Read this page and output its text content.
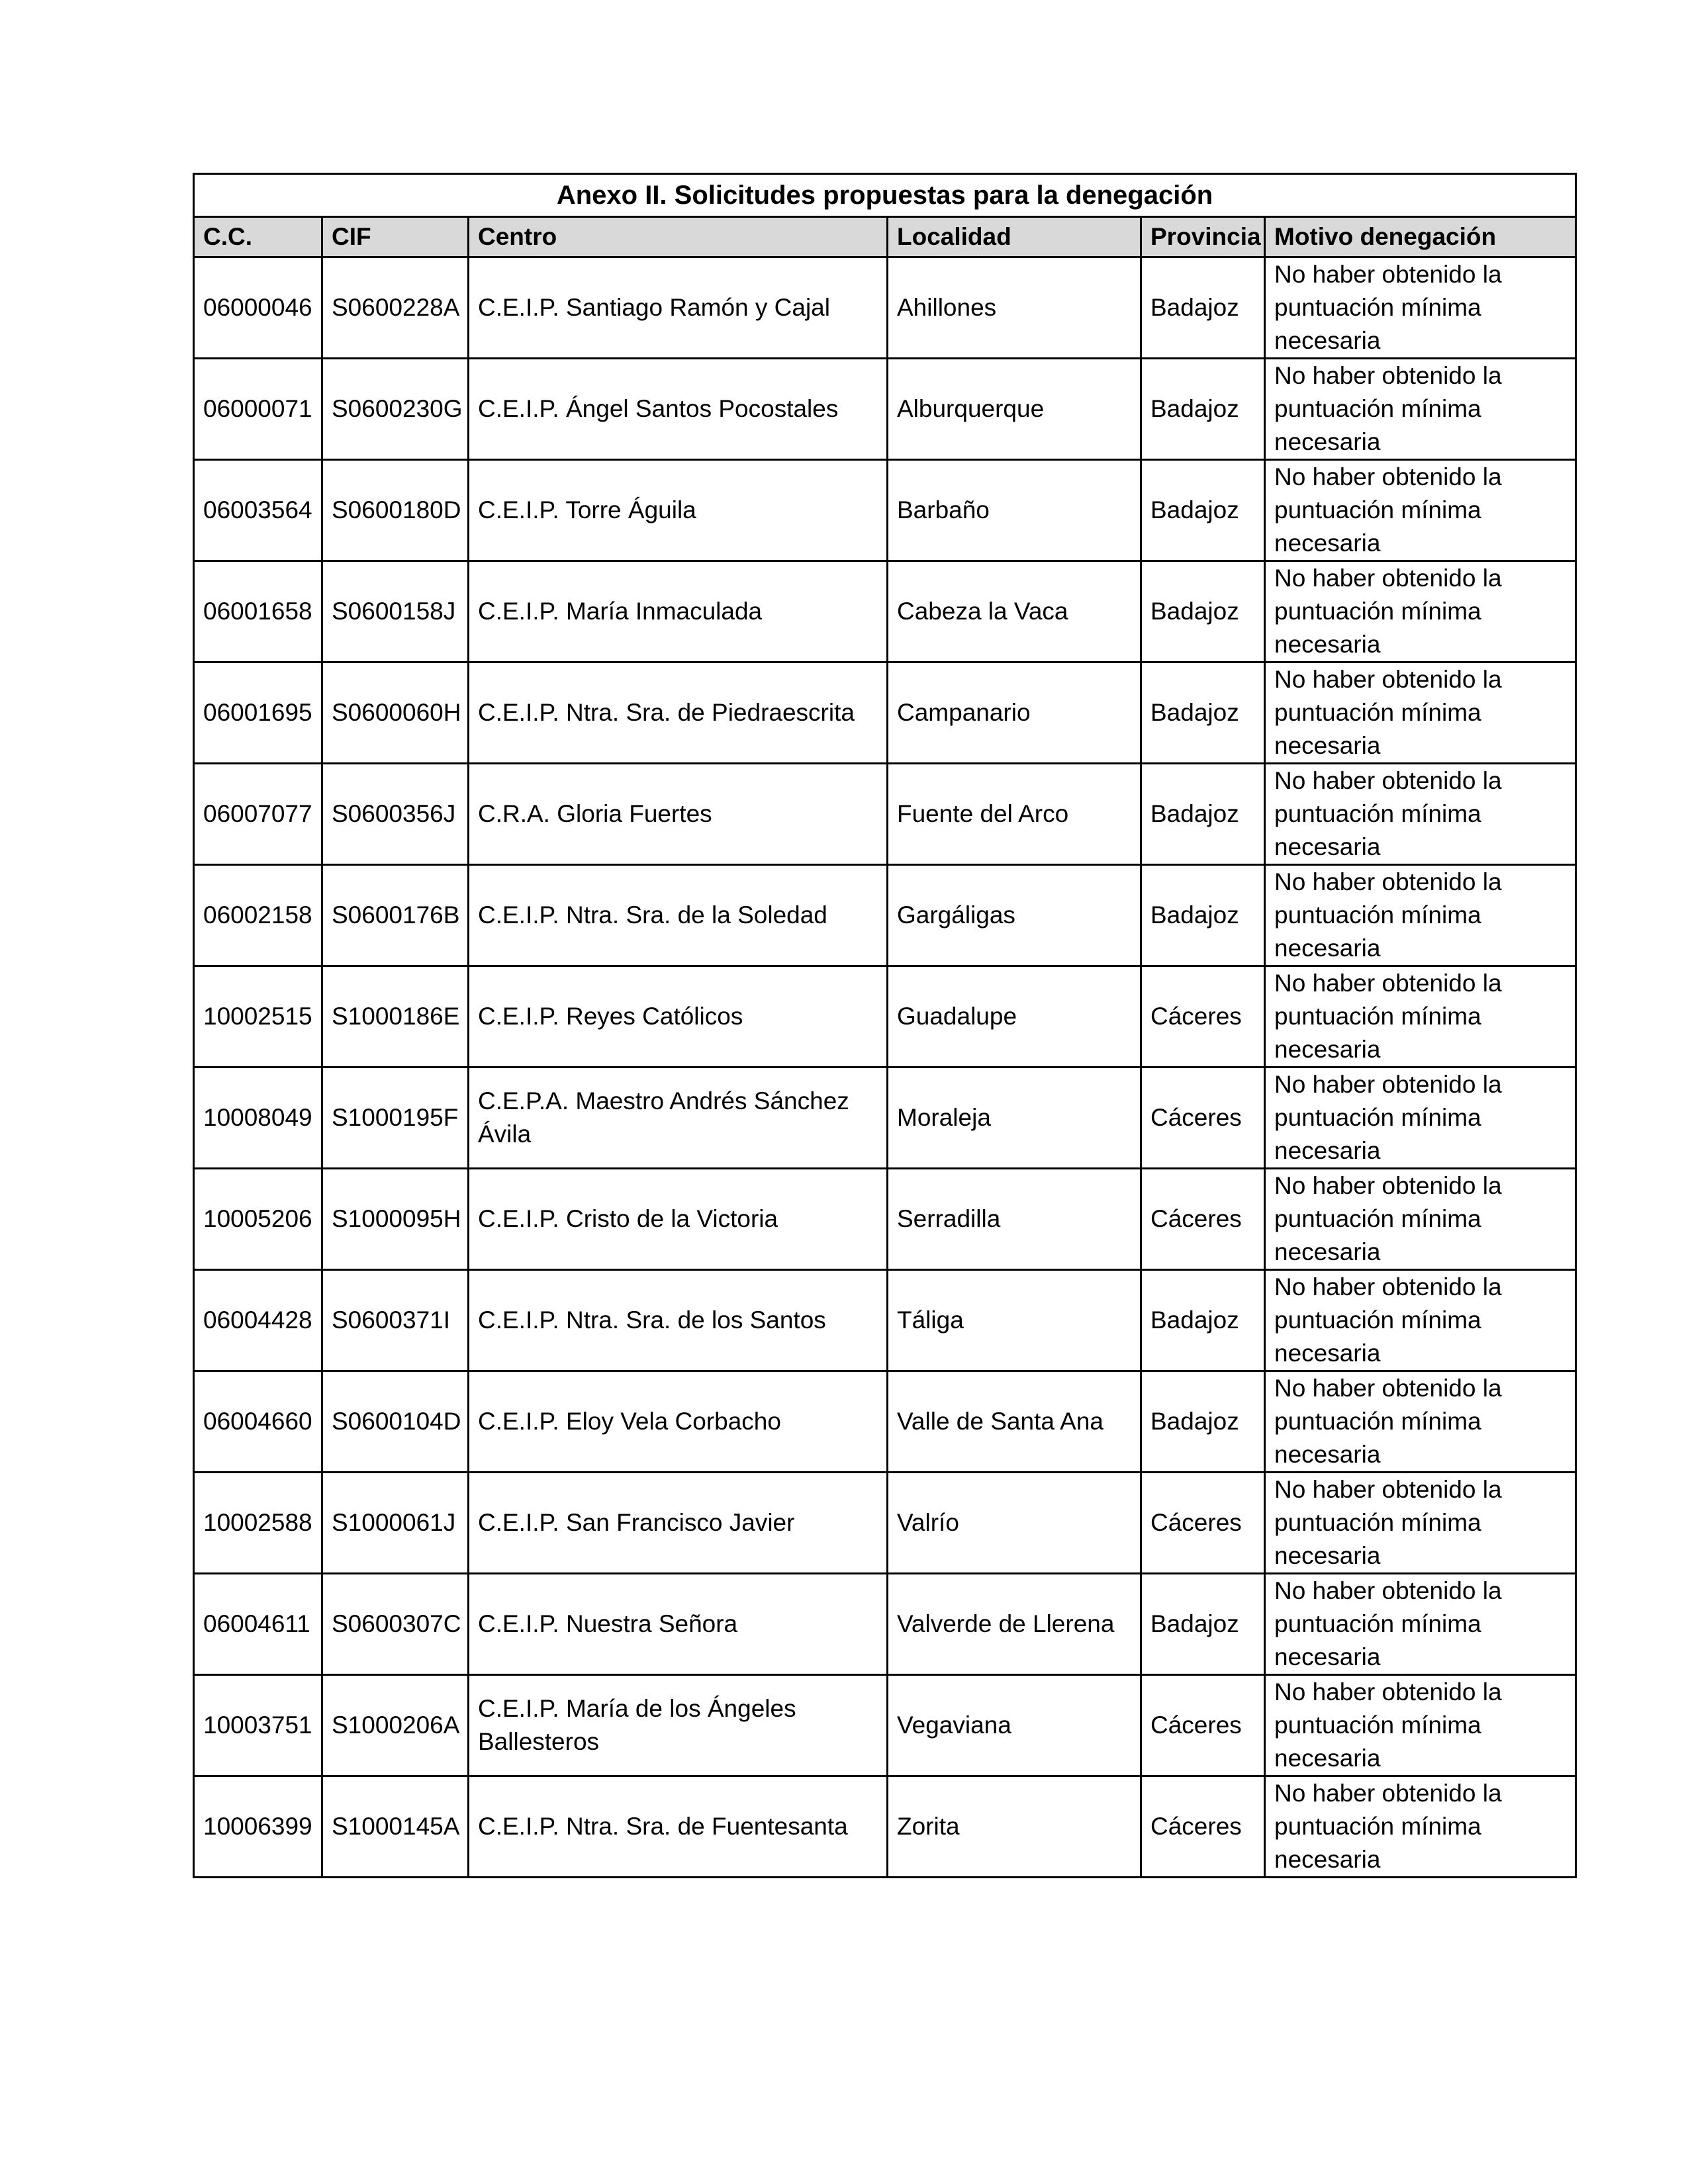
Anexo II. Solicitudes propuestas para la denegación					
C.C.	CIF	Centro	Localidad	Provincia	Motivo denegación
06000046	S0600228A	C.E.I.P. Santiago Ramón y Cajal	Ahillones	Badajoz	No haber obtenido la puntuación mínima necesaria
06000071	S0600230G	C.E.I.P. Ángel Santos Pocostales	Alburquerque	Badajoz	No haber obtenido la puntuación mínima necesaria
06003564	S0600180D	C.E.I.P. Torre Águila	Barbaño	Badajoz	No haber obtenido la puntuación mínima necesaria
06001658	S0600158J	C.E.I.P. María Inmaculada	Cabeza la Vaca	Badajoz	No haber obtenido la puntuación mínima necesaria
06001695	S0600060H	C.E.I.P. Ntra. Sra. de Piedraescrita	Campanario	Badajoz	No haber obtenido la puntuación mínima necesaria
06007077	S0600356J	C.R.A. Gloria Fuertes	Fuente del Arco	Badajoz	No haber obtenido la puntuación mínima necesaria
06002158	S0600176B	C.E.I.P. Ntra. Sra. de la Soledad	Gargáligas	Badajoz	No haber obtenido la puntuación mínima necesaria
10002515	S1000186E	C.E.I.P. Reyes Católicos	Guadalupe	Cáceres	No haber obtenido la puntuación mínima necesaria
10008049	S1000195F	C.E.P.A. Maestro Andrés Sánchez Ávila	Moraleja	Cáceres	No haber obtenido la puntuación mínima necesaria
10005206	S1000095H	C.E.I.P. Cristo de la Victoria	Serradilla	Cáceres	No haber obtenido la puntuación mínima necesaria
06004428	S0600371I	C.E.I.P. Ntra. Sra. de los Santos	Táliga	Badajoz	No haber obtenido la puntuación mínima necesaria
06004660	S0600104D	C.E.I.P. Eloy Vela Corbacho	Valle de Santa Ana	Badajoz	No haber obtenido la puntuación mínima necesaria
10002588	S1000061J	C.E.I.P. San Francisco Javier	Valrío	Cáceres	No haber obtenido la puntuación mínima necesaria
06004611	S0600307C	C.E.I.P. Nuestra Señora	Valverde de Llerena	Badajoz	No haber obtenido la puntuación mínima necesaria
10003751	S1000206A	C.E.I.P. María de los Ángeles Ballesteros	Vegaviana	Cáceres	No haber obtenido la puntuación mínima necesaria
10006399	S1000145A	C.E.I.P. Ntra. Sra. de Fuentesanta	Zorita	Cáceres	No haber obtenido la puntuación mínima necesaria
